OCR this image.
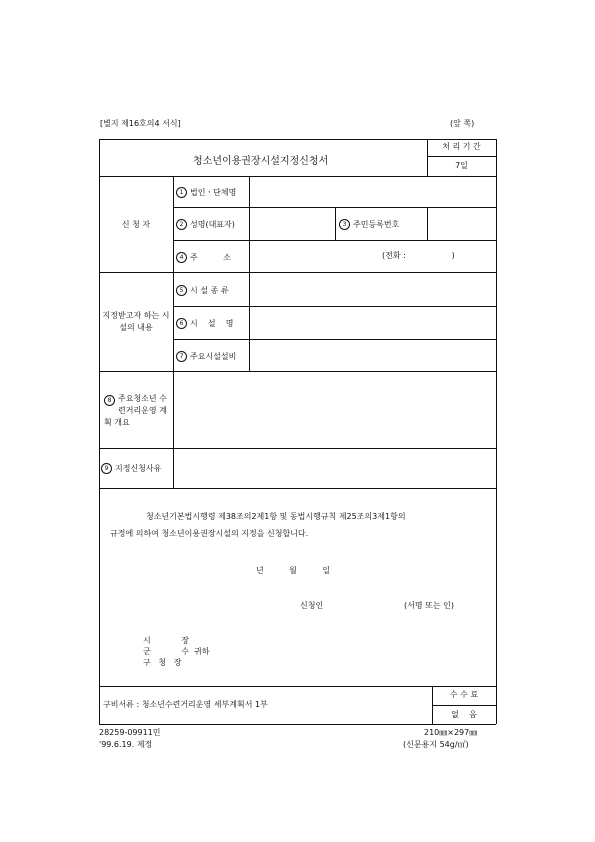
[별지 제16호의4 서식]	(앞 쪽)
청소년이용권장시설지정신청서
처 리 기 간
7일
신 청 자
1 법인ㆍ단체명
2 성명(대표자)	3 주민등록번호
4 주          소	(전화 :                  )
지정받고자 하는 시설의 내용
5 시 설 종 류
6 시    설    명
7 주요시설설비
8 주요청소년 수련거리운영 계획 개요
9 지정신청사유
청소년기본법시행령 제38조의2제1항 및 동법시행규칙 제25조의3제1항의
규정에 의하여 청소년이용권장시설의 지정을 신청합니다.
년          월          일
신청인	(서명 또는 인)
시            장
군            수  귀하
구   청   장
구비서류 : 청소년수련거리운영 세부계획서 1부
수 수 료
없    음
28259-09911민	210㎜×297㎜
'99.6.19. 제정	(신문용지 54g/㎡)
